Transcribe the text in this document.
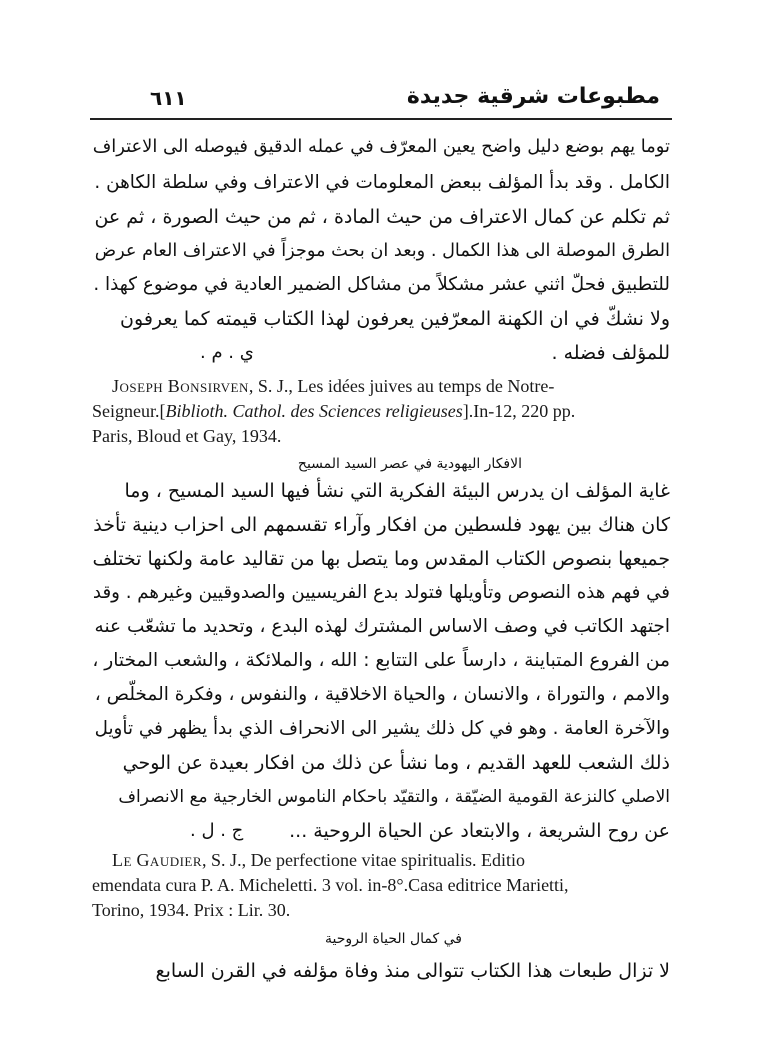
مطبوعات شرقية جديدة
٦١١
توما يهم بوضع دليل واضح يعين المعرّف في عمله الدقيق فيوصله الى الاعتراف
الكامل . وقد بدأ المؤلف ببعض المعلومات في الاعتراف وفي سلطة الكاهن .
ثم تكلم عن كمال الاعتراف من حيث المادة ، ثم من حيث الصورة ، ثم عن
الطرق الموصلة الى هذا الكمال . وبعد ان بحث موجزاً في الاعتراف العام عرض
للتطبيق فحلّ اثني عشر مشكلاً من مشاكل الضمير العادية في موضوع كهذا .
ولا نشكّ في ان الكهنة المعرّفين يعرفون لهذا الكتاب قيمته كما يعرفون
للمؤلف فضله .
ي . م .
Joseph Bonsirven, S. J., Les idées juives au temps de Notre-
Seigneur.[Biblioth. Cathol. des Sciences religieuses].In-12, 220 pp.
Paris, Bloud et Gay, 1934.
الافكار اليهودية في عصر السيد المسيح
غاية المؤلف ان يدرس البيئة الفكرية التي نشأ فيها السيد المسيح ، وما
كان هناك بين يهود فلسطين من افكار وآراء تقسمهم الى احزاب دينية تأخذ
جميعها بنصوص الكتاب المقدس وما يتصل بها من تقاليد عامة ولكنها تختلف
في فهم هذه النصوص وتأويلها فتولد بدع الفريسيين والصدوقيين وغيرهم . وقد
اجتهد الكاتب في وصف الاساس المشترك لهذه البدع ، وتحديد ما تشعّب عنه
من الفروع المتباينة ، دارساً على التتابع : الله ، والملائكة ، والشعب المختار ،
والامم ، والتوراة ، والانسان ، والحياة الاخلاقية ، والنفوس ، وفكرة المخلّص ،
والآخرة العامة . وهو في كل ذلك يشير الى الانحراف الذي بدأ يظهر في تأويل
ذلك الشعب للعهد القديم ، وما نشأ عن ذلك من افكار بعيدة عن الوحي
الاصلي كالنزعة القومية الضيّقة ، والتقيّد باحكام الناموس الخارجية مع الانصراف
عن روح الشريعة ، والابتعاد عن الحياة الروحية ...
ج . ل .
Le Gaudier, S. J., De perfectione vitae spiritualis. Editio
emendata cura P. A. Micheletti. 3 vol. in-8°.Casa editrice Marietti,
Torino, 1934. Prix : Lir. 30.
في كمال الحياة الروحية
لا تزال طبعات هذا الكتاب تتوالى منذ وفاة مؤلفه في القرن السابع
